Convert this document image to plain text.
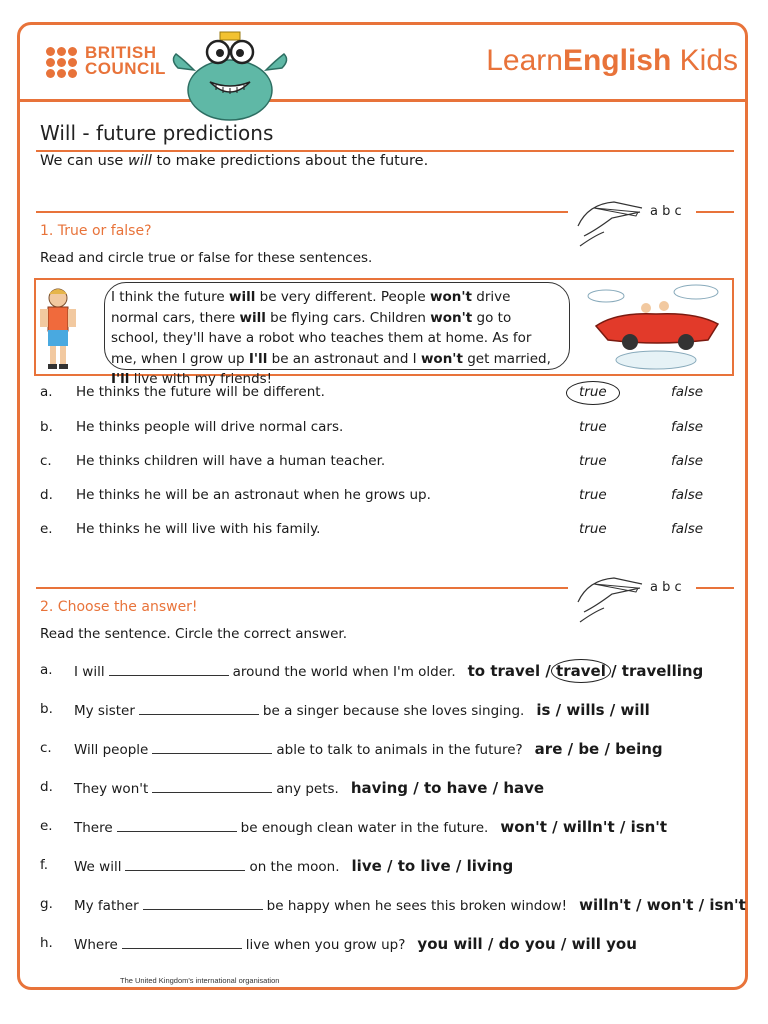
BRITISH
COUNCIL	LearnEnglish Kids
Will - future predictions
We can use will to make predictions about the future.
a b c
1. True or false?
Read and circle true or false for these sentences.
I think the future will be very different. People won't drive normal cars, there will be flying cars. Children won't go to school, they'll have a robot who teaches them at home. As for me, when I grow up I'll be an astronaut and I won't get married, I'll live with my friends!
a. He thinks the future will be different.	true	false
b. He thinks people will drive normal cars.	true	false
c. He thinks children will have a human teacher.	true	false
d. He thinks he will be an astronaut when he grows up.	true	false
e. He thinks he will live with his family.	true	false
a b c
2. Choose the answer!
Read the sentence. Circle the correct answer.
a. I will	around the world when I'm older. to travel / travel / travelling
b. My sister	be a singer because she loves singing. is / wills / will
c. Will people	able to talk to animals in the future? are / be / being
d. They won't	any pets. having / to have / have
e. There	be enough clean water in the future. won't / willn't / isn't
f. We will	on the moon. live / to live / living
g. My father	be happy when he sees this broken window! willn't / won't / isn't
h. Where	live when you grow up? you will / do you / will you
The United Kingdom's international organisation
